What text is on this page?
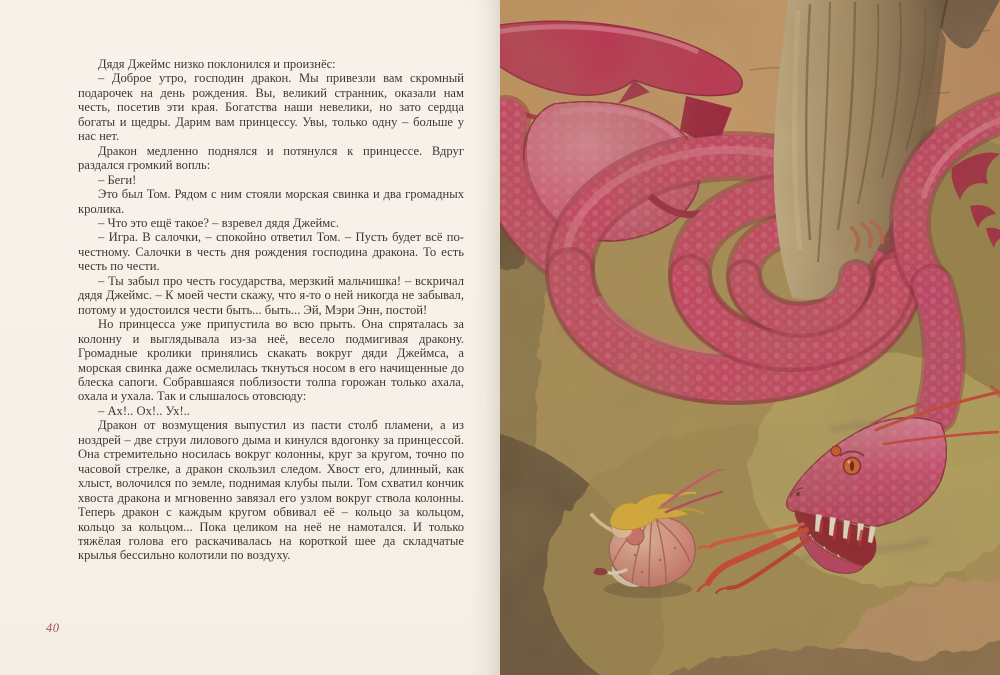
Дядя Джеймс низко поклонился и произнёс:

– Доброе утро, господин дракон. Мы привезли вам скромный подарочек на день рождения. Вы, великий странник, оказали нам честь, посетив эти края. Богатства наши невелики, но зато сердца богаты и щедры. Дарим вам принцессу. Увы, только одну – больше у нас нет.

Дракон медленно поднялся и потянулся к принцессе. Вдруг раздался громкий вопль:

– Беги!

Это был Том. Рядом с ним стояли морская свинка и два громадных кролика.

– Что это ещё такое? – взревел дядя Джеймс.

– Игра. В салочки, – спокойно ответил Том. – Пусть будет всё по-честному. Салочки в честь дня рождения господина дракона. То есть честь по чести.

– Ты забыл про честь государства, мерзкий мальчишка! – вскричал дядя Джеймс. – К моей чести скажу, что я-то о ней никогда не забывал, потому и удостоился чести быть... быть... Эй, Мэри Энн, постой!

Но принцесса уже припустила во всю прыть. Она спряталась за колонну и выглядывала из-за неё, весело подмигивая дракону. Громадные кролики принялись скакать вокруг дяди Джеймса, а морская свинка даже осмелилась ткнуться носом в его начищенные до блеска сапоги. Собравшаяся поблизости толпа горожан только ахала, охала и ухала. Так и слышалось отовсюду:

– Ах!.. Ох!.. Ух!..

Дракон от возмущения выпустил из пасти столб пламени, а из ноздрей – две струи лилового дыма и кинулся вдогонку за принцессой. Она стремительно носилась вокруг колонны, круг за кругом, точно по часовой стрелке, а дракон скользил следом. Хвост его, длинный, как хлыст, волочился по земле, поднимая клубы пыли. Том схватил кончик хвоста дракона и мгновенно завязал его узлом вокруг ствола колонны. Теперь дракон с каждым кругом обвивал её – кольцо за кольцом, кольцо за кольцом... Пока целиком на неё не намотался. И только тяжёлая голова его раскачивалась на короткой шее да складчатые крылья бессильно колотили по воздуху.

40
